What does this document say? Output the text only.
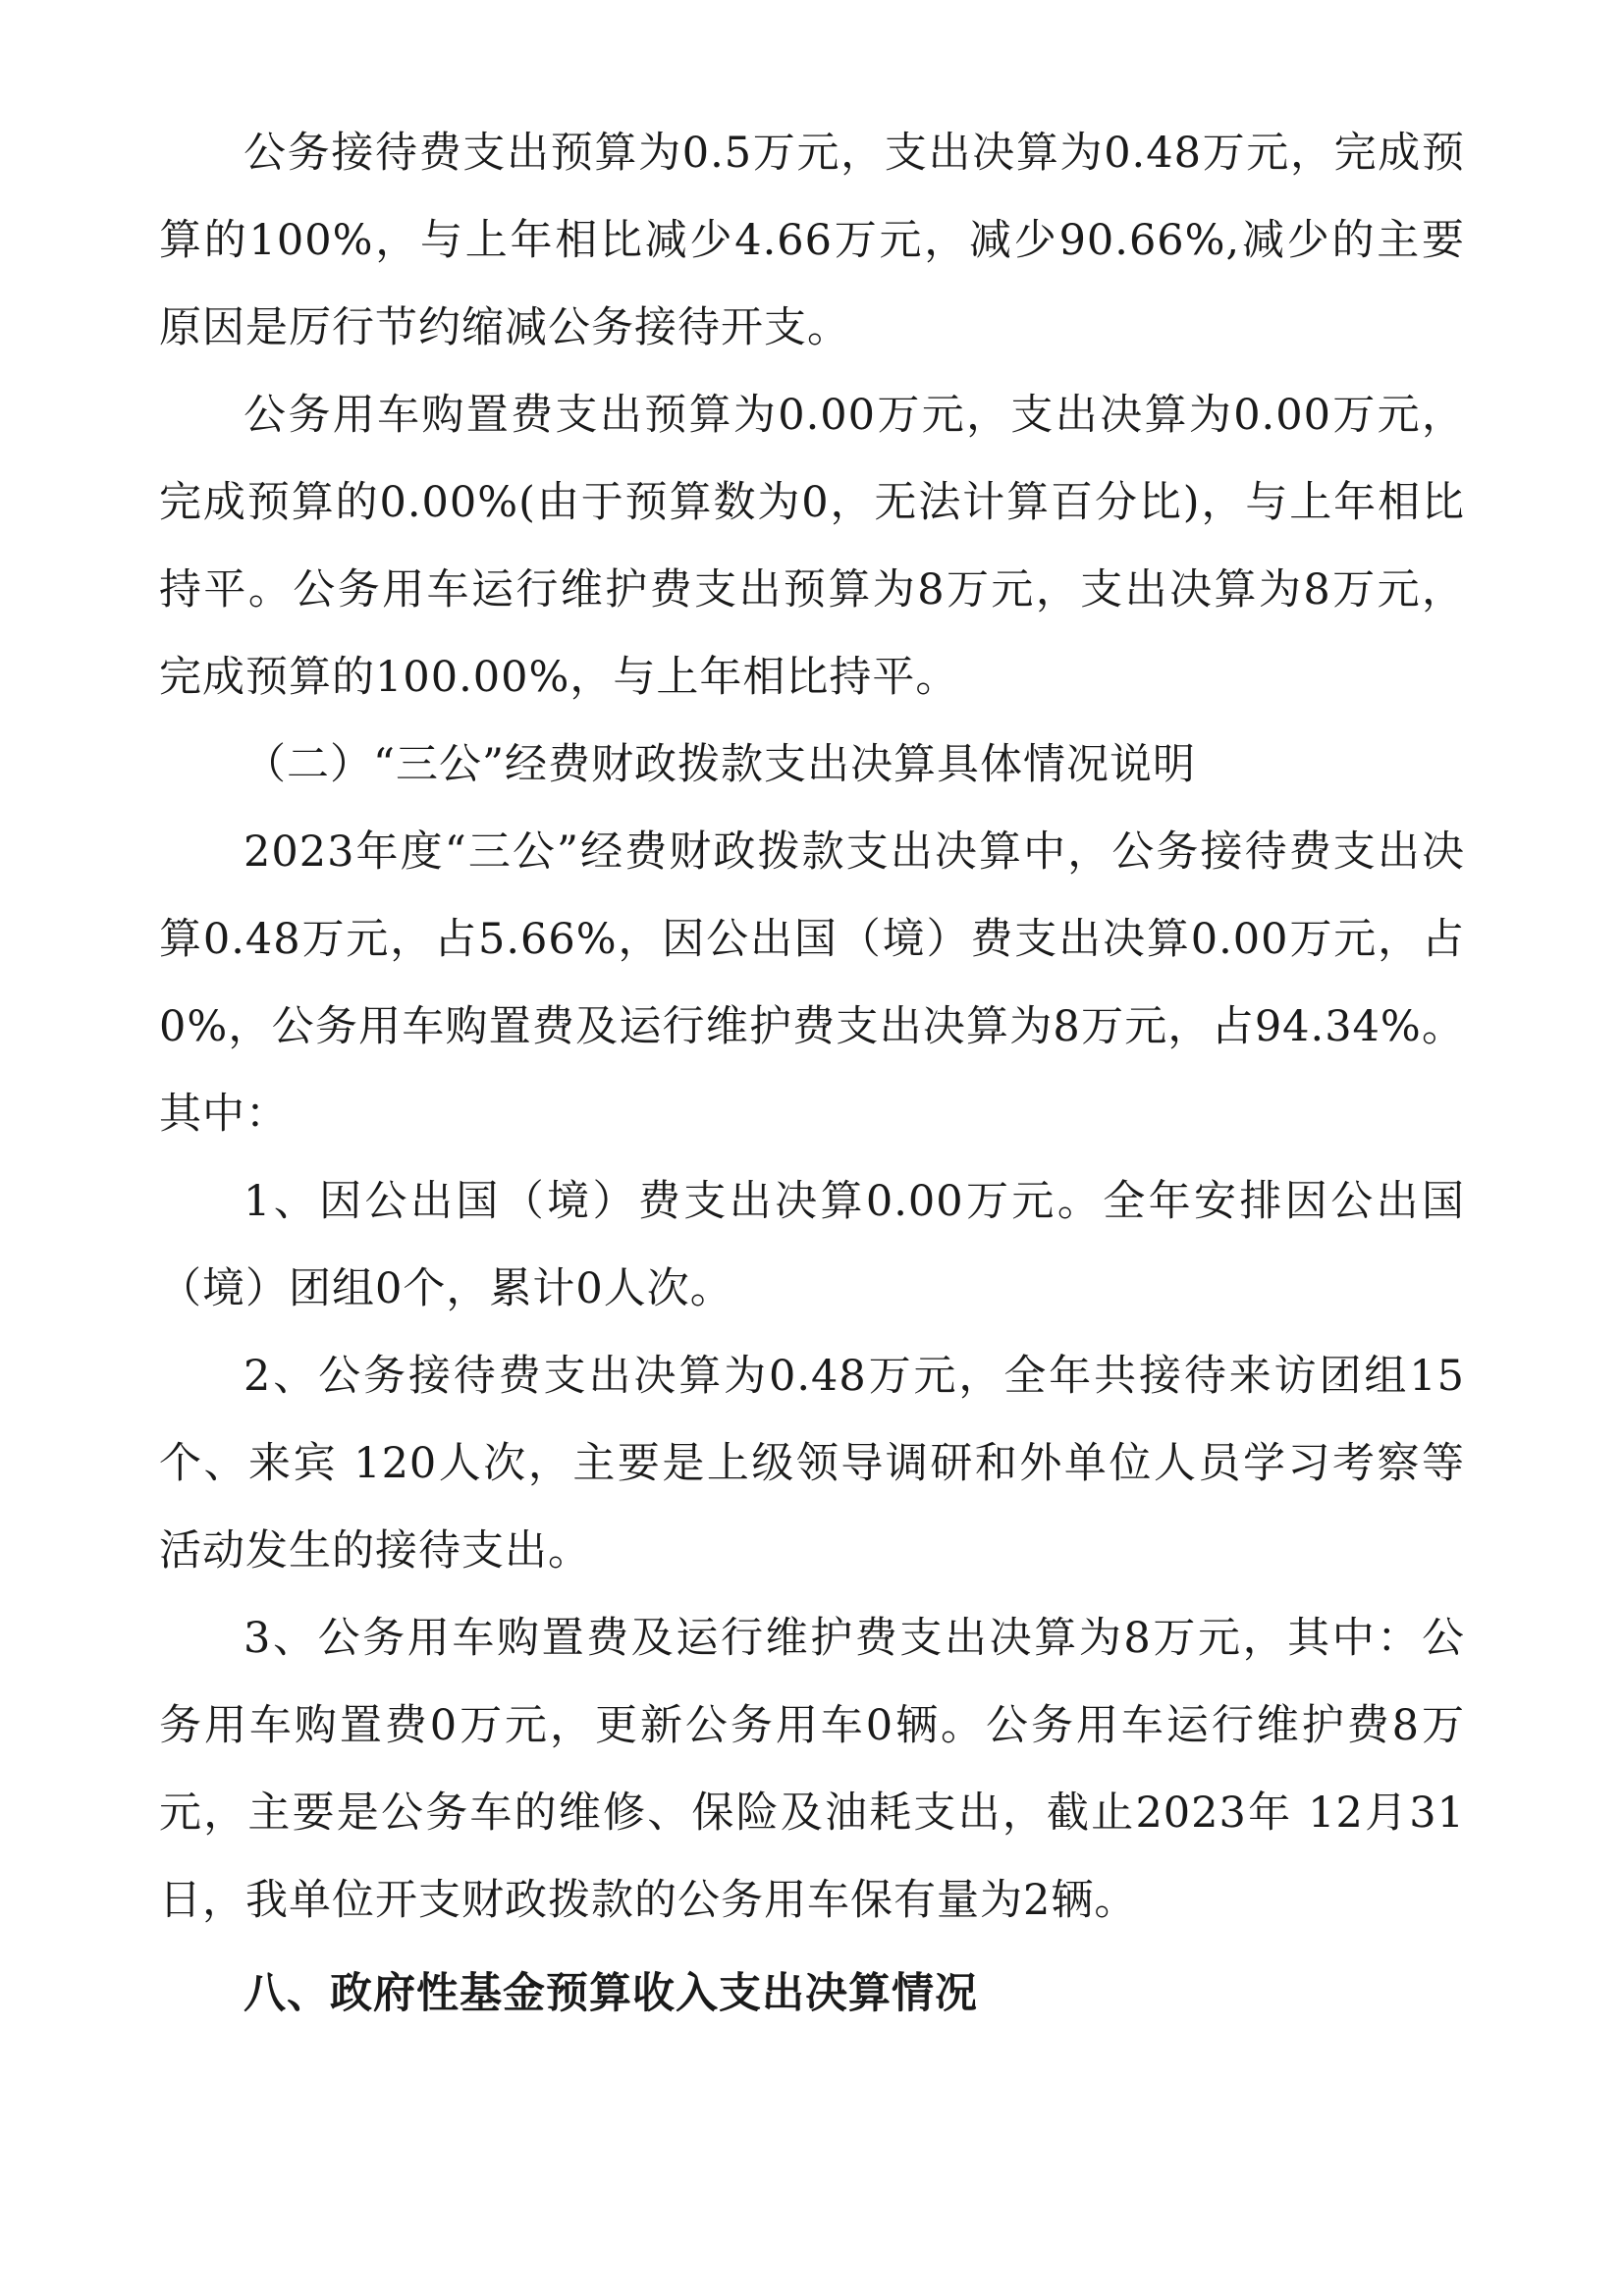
公务接待费支出预算为0.5万元，支出决算为0.48万元，完成预算的100%，与上年相比减少4.66万元，减少90.66%,减少的主要原因是厉行节约缩减公务接待开支。

公务用车购置费支出预算为0.00万元，支出决算为0.00万元，完成预算的0.00%(由于预算数为0，无法计算百分比)，与上年相比持平。公务用车运行维护费支出预算为8万元，支出决算为8万元，完成预算的100.00%，与上年相比持平。

（二）“三公”经费财政拨款支出决算具体情况说明

2023年度“三公”经费财政拨款支出决算中，公务接待费支出决算0.48万元，占5.66%，因公出国（境）费支出决算0.00万元，占0%，公务用车购置费及运行维护费支出决算为8万元，占94.34%。其中：

1、因公出国（境）费支出决算0.00万元。全年安排因公出国（境）团组0个，累计0人次。

2、公务接待费支出决算为0.48万元，全年共接待来访团组15个、来宾 120人次，主要是上级领导调研和外单位人员学习考察等活动发生的接待支出。

3、公务用车购置费及运行维护费支出决算为8万元，其中：公务用车购置费0万元，更新公务用车0辆。公务用车运行维护费8万元，主要是公务车的维修、保险及油耗支出，截止2023年 12月31日，我单位开支财政拨款的公务用车保有量为2辆。

八、政府性基金预算收入支出决算情况
